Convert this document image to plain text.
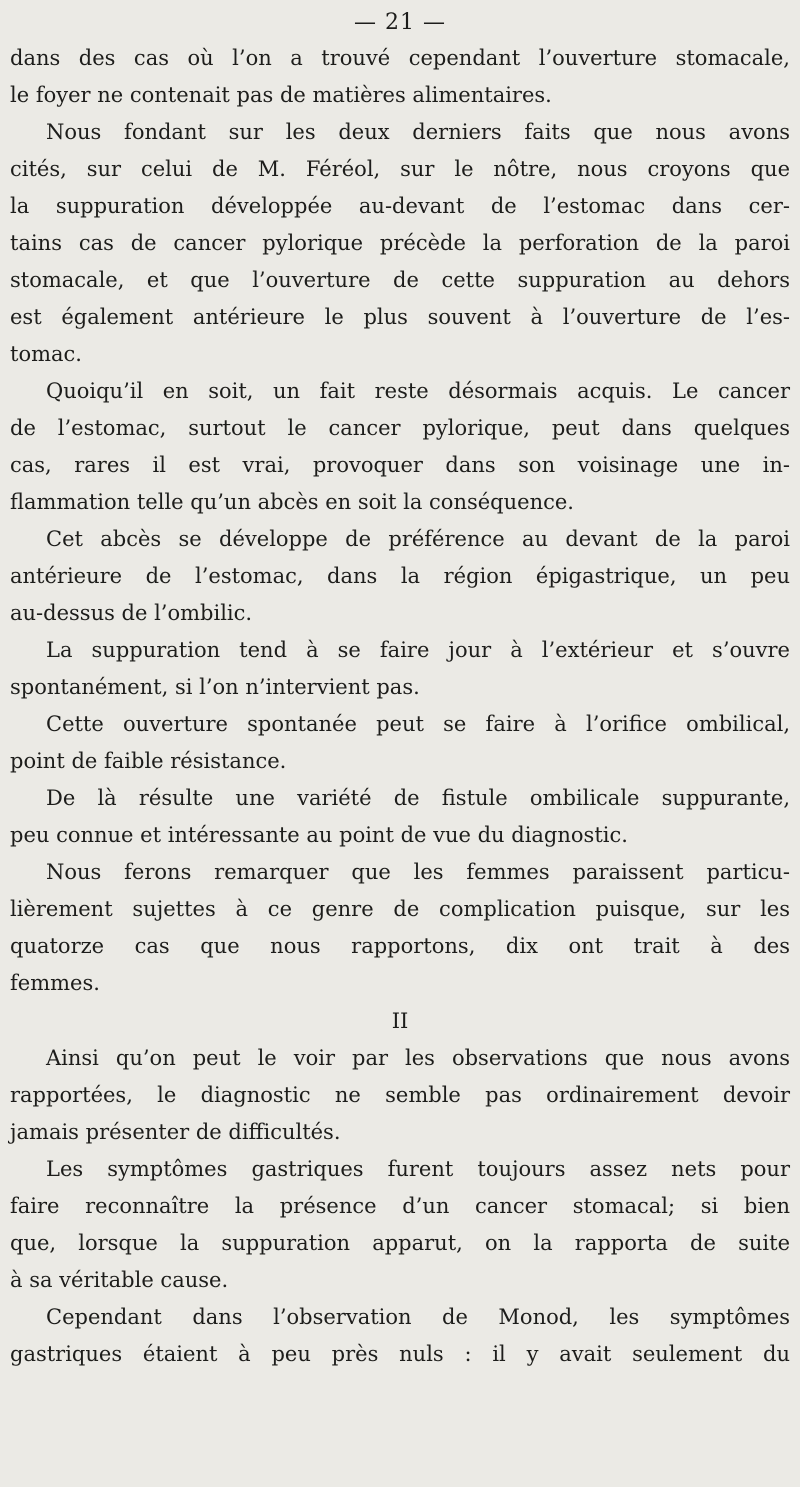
— 21 —
dans des cas où l’on a trouvé cependant l’ouverture stomacale,
le foyer ne contenait pas de matières alimentaires.
Nous fondant sur les deux derniers faits que nous avons
cités, sur celui de M. Féréol, sur le nôtre, nous croyons que
la suppuration développée au-devant de l’estomac dans cer-
tains cas de cancer pylorique précède la perforation de la paroi
stomacale, et que l’ouverture de cette suppuration au dehors
est également antérieure le plus souvent à l’ouverture de l’es-
tomac.
Quoiqu’il en soit, un fait reste désormais acquis. Le cancer
de l’estomac, surtout le cancer pylorique, peut dans quelques
cas, rares il est vrai, provoquer dans son voisinage une in-
flammation telle qu’un abcès en soit la conséquence.
Cet abcès se développe de préférence au devant de la paroi
antérieure de l’estomac, dans la région épigastrique, un peu
au-dessus de l’ombilic.
La suppuration tend à se faire jour à l’extérieur et s’ouvre
spontanément, si l’on n’intervient pas.
Cette ouverture spontanée peut se faire à l’orifice ombilical,
point de faible résistance.
De là résulte une variété de fistule ombilicale suppurante,
peu connue et intéressante au point de vue du diagnostic.
Nous ferons remarquer que les femmes paraissent particu-
lièrement sujettes à ce genre de complication puisque, sur les
quatorze cas que nous rapportons, dix ont trait à des
femmes.
II
Ainsi qu’on peut le voir par les observations que nous avons
rapportées, le diagnostic ne semble pas ordinairement devoir
jamais présenter de difficultés.
Les symptômes gastriques furent toujours assez nets pour
faire reconnaître la présence d’un cancer stomacal; si bien
que, lorsque la suppuration apparut, on la rapporta de suite
à sa véritable cause.
Cependant dans l’observation de Monod, les symptômes
gastriques étaient à peu près nuls : il y avait seulement du
